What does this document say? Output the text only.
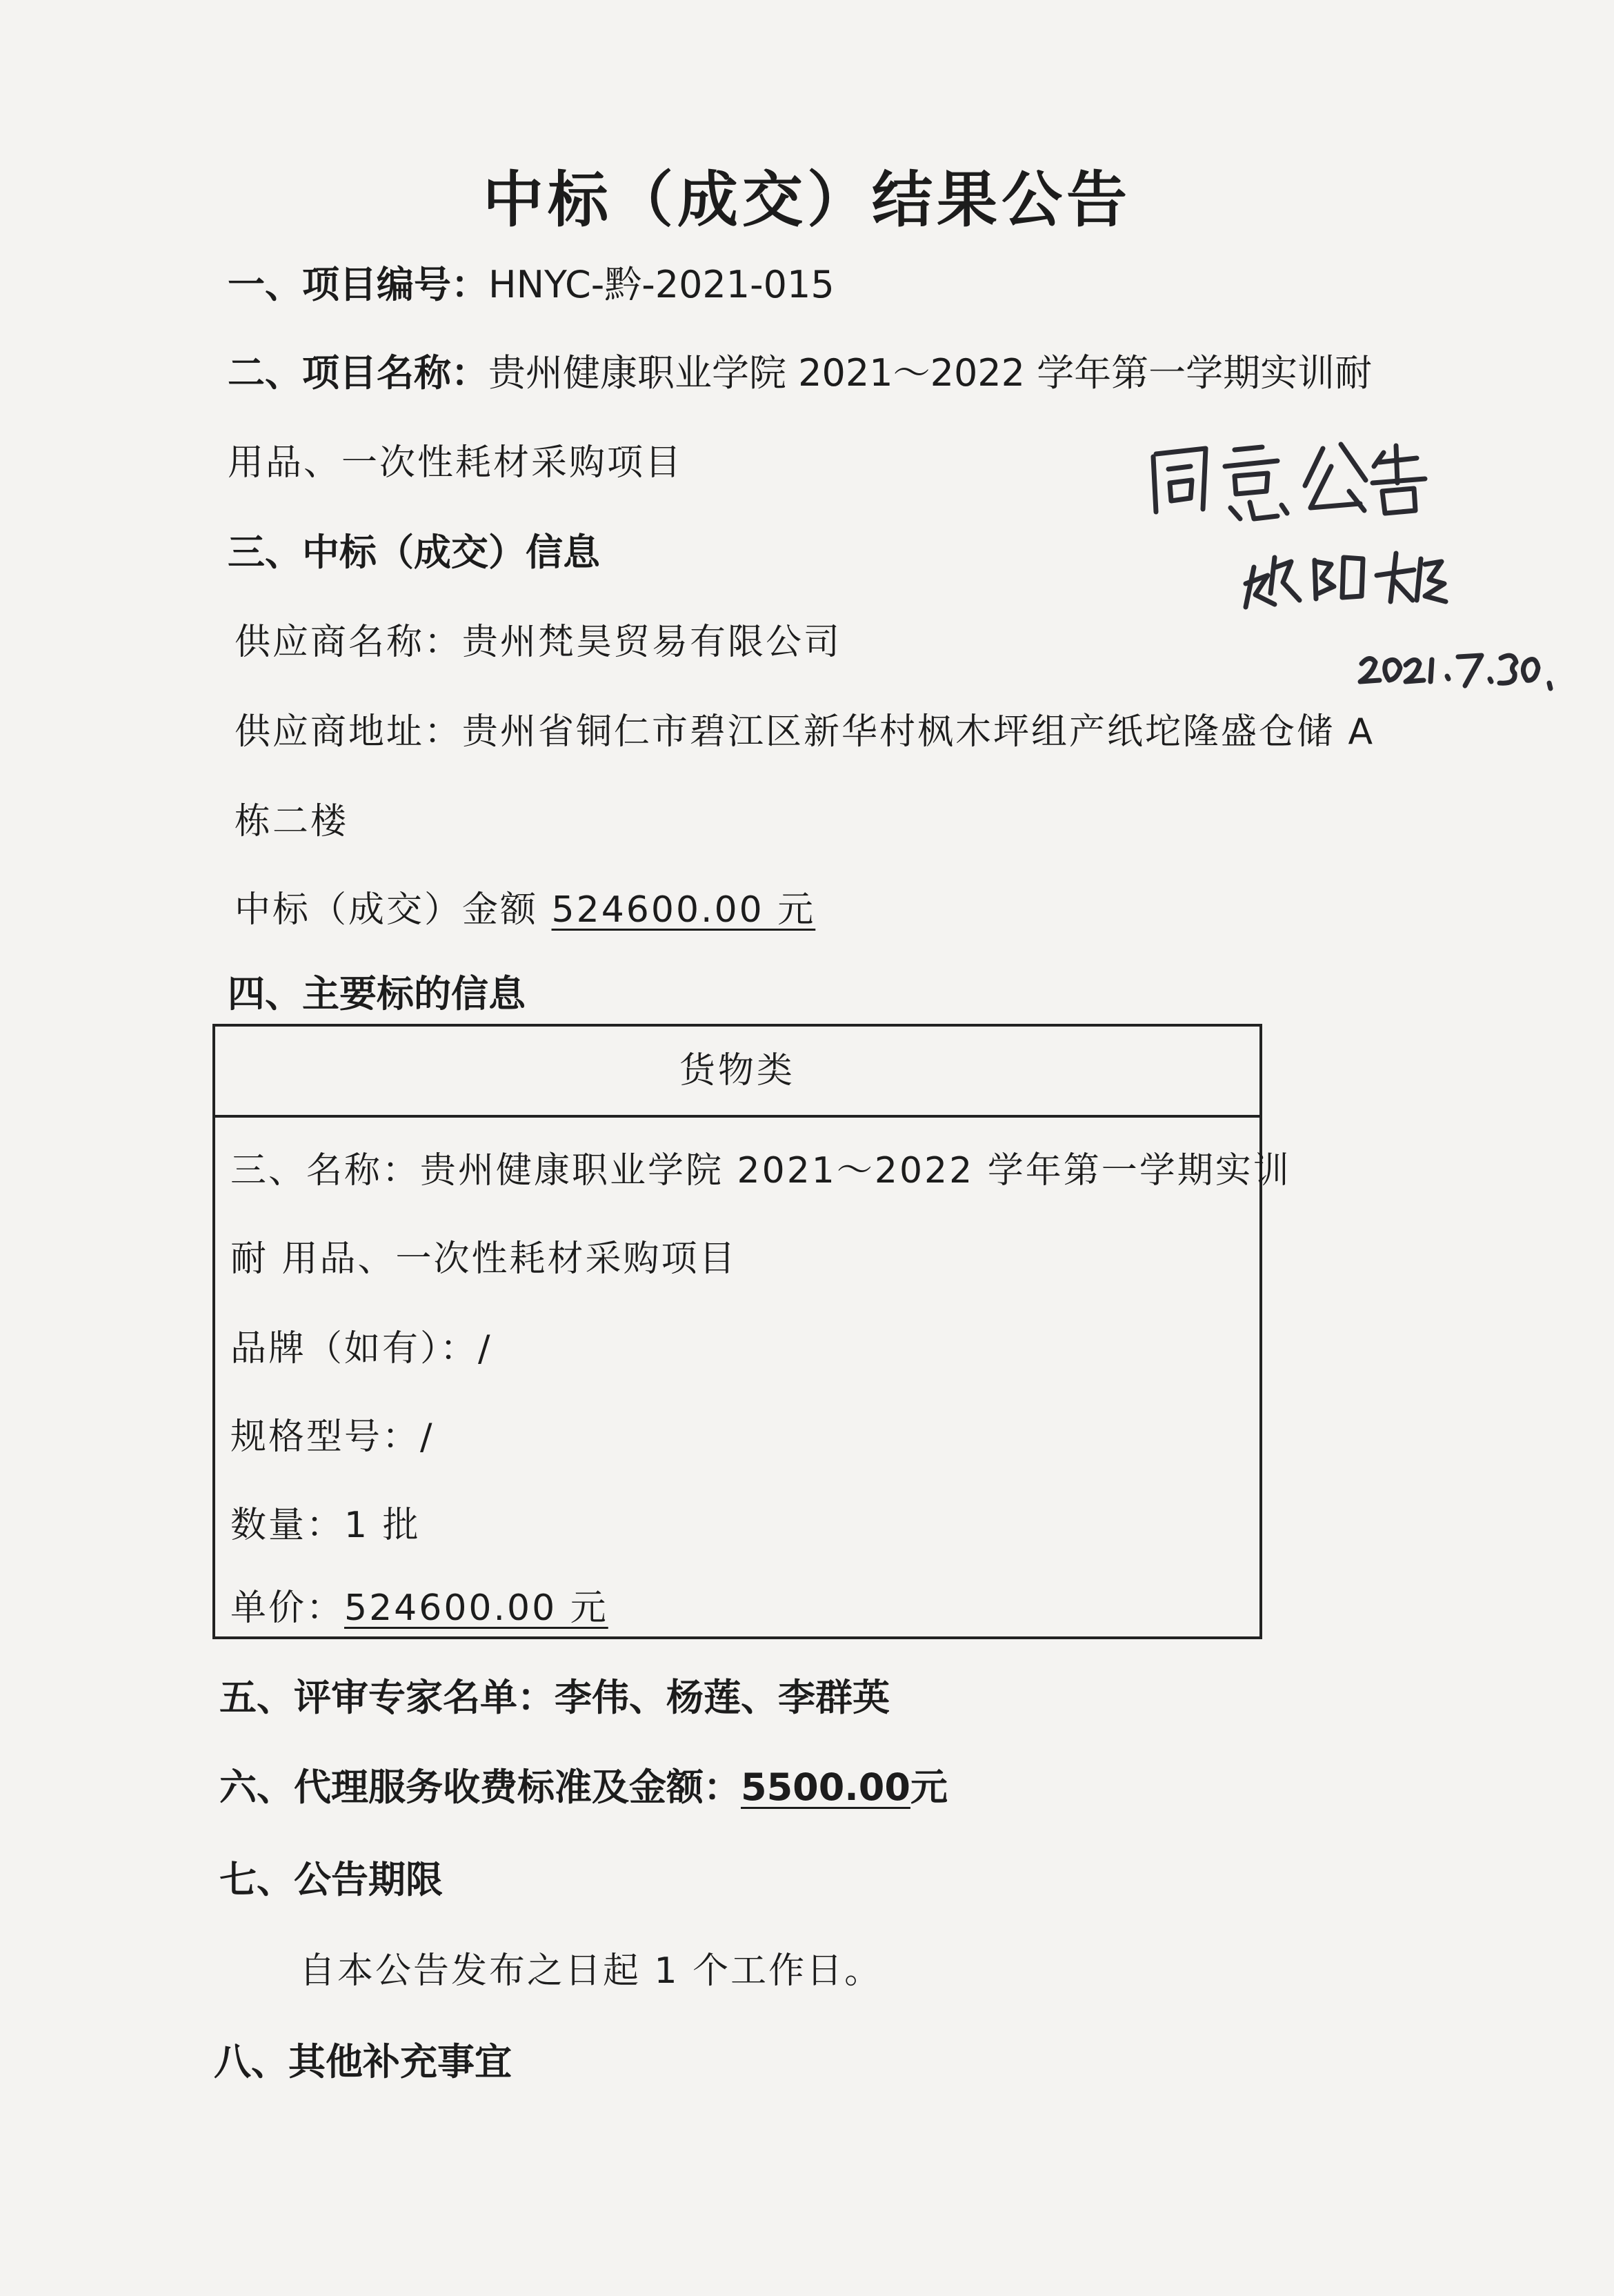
中标（成交）结果公告
一、项目编号：HNYC-黔-2021-015
二、项目名称：贵州健康职业学院 2021～2022 学年第一学期实训耐
用品、一次性耗材采购项目
三、中标（成交）信息
供应商名称：贵州梵昊贸易有限公司
供应商地址：贵州省铜仁市碧江区新华村枫木坪组产纸坨隆盛仓储 A
栋二楼
中标（成交）金额 524600.00 元
四、主要标的信息
货物类
三、名称：贵州健康职业学院 2021～2022 学年第一学期实训
耐 用品、一次性耗材采购项目
品牌（如有）：/
规格型号：/
数量：1 批
单价：524600.00 元
五、评审专家名单：李伟、杨莲、李群英
六、代理服务收费标准及金额：5500.00元
七、公告期限
自本公告发布之日起 1 个工作日。
八、其他补充事宜
